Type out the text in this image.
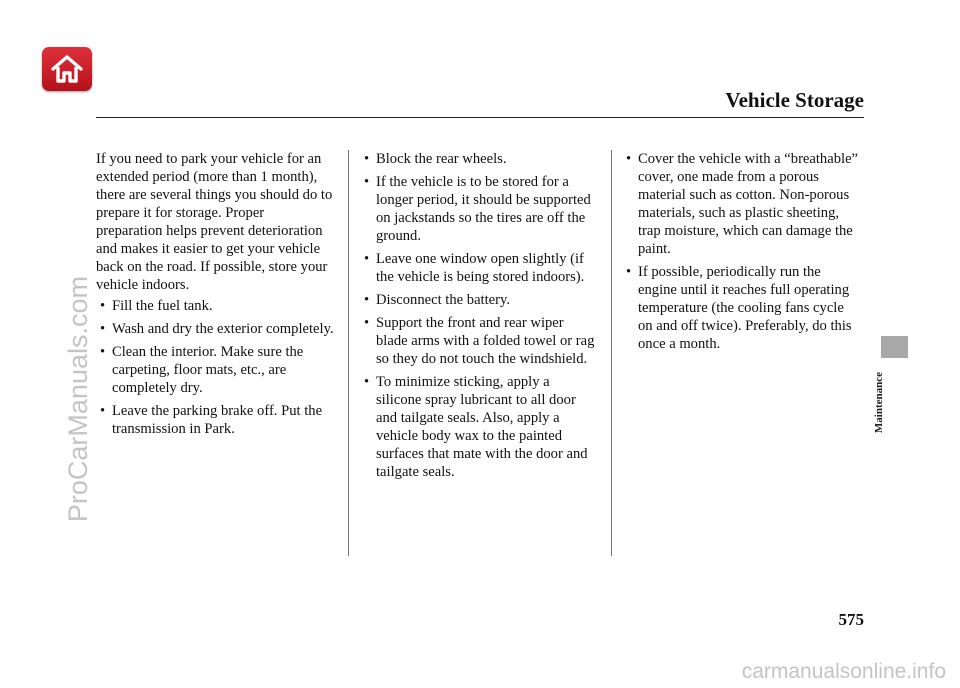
Vehicle Storage

If you need to park your vehicle for an extended period (more than 1 month), there are several things you should do to prepare it for storage. Proper preparation helps prevent deterioration and makes it easier to get your vehicle back on the road. If possible, store your vehicle indoors.

• Fill the fuel tank.
• Wash and dry the exterior completely.
• Clean the interior. Make sure the carpeting, floor mats, etc., are completely dry.
• Leave the parking brake off. Put the transmission in Park.
• Block the rear wheels.
• If the vehicle is to be stored for a longer period, it should be supported on jackstands so the tires are off the ground.
• Leave one window open slightly (if the vehicle is being stored indoors).
• Disconnect the battery.
• Support the front and rear wiper blade arms with a folded towel or rag so they do not touch the windshield.
• To minimize sticking, apply a silicone spray lubricant to all door and tailgate seals. Also, apply a vehicle body wax to the painted surfaces that mate with the door and tailgate seals.
• Cover the vehicle with a “breathable” cover, one made from a porous material such as cotton. Non-porous materials, such as plastic sheeting, trap moisture, which can damage the paint.
• If possible, periodically run the engine until it reaches full operating temperature (the cooling fans cycle on and off twice). Preferably, do this once a month.
Maintenance
575
ProCarManuals.com
carmanualsonline.info
